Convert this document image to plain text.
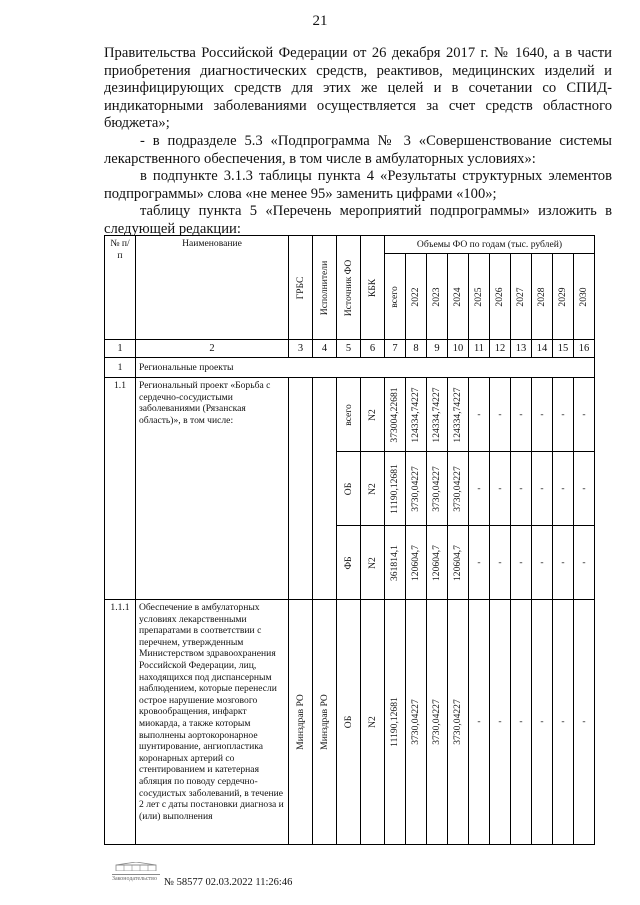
21

Правительства Российской Федерации от 26 декабря 2017 г. № 1640, а в части приобретения диагностических средств, реактивов, медицинских изделий и дезинфицирующих средств для этих же целей и в сочетании со СПИД-индикаторными заболеваниями осуществляется за счет средств областного бюджета»;

- в подразделе 5.3 «Подпрограмма № 3 «Совершенствование системы лекарственного обеспечения, в том числе в амбулаторных условиях»:

в подпункте 3.1.3 таблицы пункта 4 «Результаты структурных элементов подпрограммы» слова «не менее 95» заменить цифрами «100»;

таблицу пункта 5 «Перечень мероприятий подпрограммы» изложить в следующей редакции:

№ п/п	Наименование	ГРБС	Исполнители	Источник ФО	КБК	Объемы ФО по годам (тыс. рублей)									

						всего	2022	2023	2024	2025	2026	2027	2028	2029	2030

1	2	3	4	5	6	7	8	9	10	11	12	13	14	15	16
1	Региональные проекты														
1.1	Региональный проект «Борьба с сердечно-сосудистыми заболеваниями (Рязанская область)», в том числе:			всего	N2	373004,22681	124334,74227	124334,74227	124334,74227	-	-	-	-	-	-

				ОБ	N2	11190,12681	3730,04227	3730,04227	3730,04227	-	-	-	-	-	-

				ФБ	N2	361814,1	120604,7	120604,7	120604,7	-	-	-	-	-	-
1.1.1	Обеспечение в амбулаторных условиях лекарственными препаратами в соответствии с перечнем, утвержденным Министерством здравоохранения Российской Федерации, лиц, находящихся под диспансерным наблюдением, которые перенесли острое нарушение мозгового кровообращения, инфаркт миокарда, а также которым выполнены аортокоронарное шунтирование, ангиопластика коронарных артерий со стентированием и катетерная абляция по поводу сердечно-сосудистых заболеваний, в течение 2 лет с даты постановки диагноза и (или) выполнения	Минздрав РО	Минздрав РО	ОБ	N2	11190,12681	3730,04227	3730,04227	3730,04227	-	-	-	-	-	-
Законодательство № 58577 02.03.2022 11:26:46
